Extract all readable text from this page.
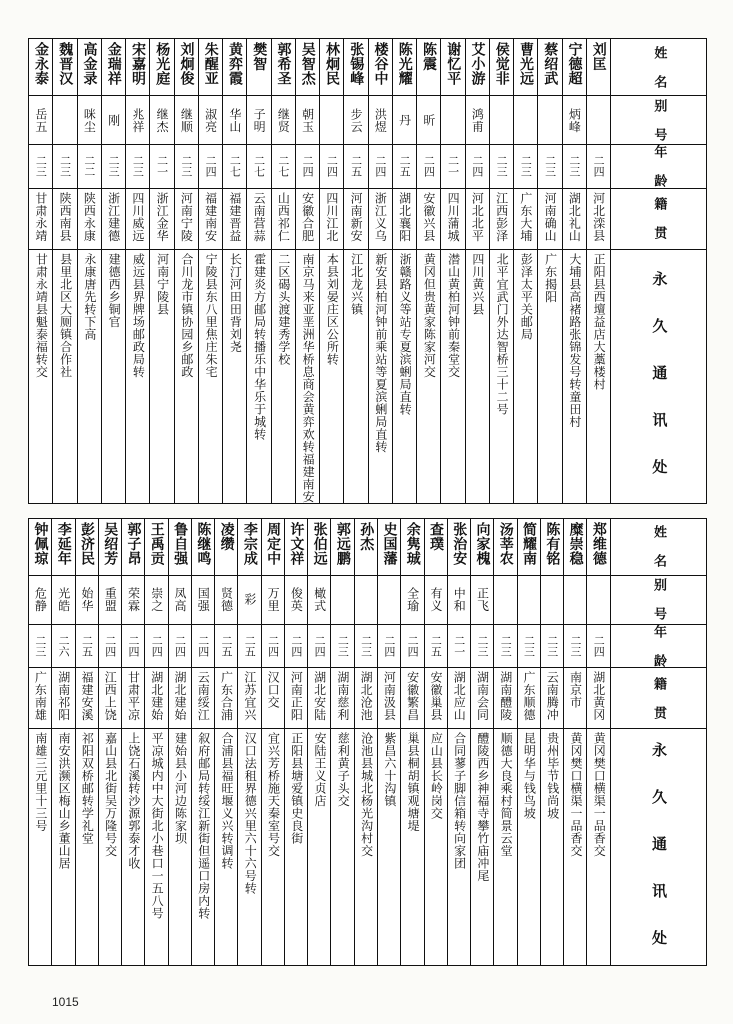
金永泰	魏晋汉	高金录	金瑞祥	宋嘉明	杨光庭	刘炯俊	朱醒亚	黄弈霞	樊智	郭希圣	吴智杰	林炯民	张锡峰	楼谷中	陈光耀	陈震	谢忆平	艾小游	侯觉非	曹光远	蔡绍武	宁德超	刘匡	姓 名

岳五		咪尘	刚	兆祥	继杰	继顺	淑亮	华山	子明	继贤	朝玉		步云	洪煜	丹	昕		鸿甫				炳峰		别 号

二三	二三	二二	二三	二三	二一	二三	二四	二七	二七	二七	二四	二四	二五	二四	二五	二四	二一	二四	二三	二三	二三	二三	二四	年 龄

甘肃永靖	陕西南县	陕西永康	浙江建德	四川威远	浙江金华	河南宁陵	福建南安	福建晋益	云南营蒜	山西祁仁	安徽合肥	四川江北	河南新安	浙江义乌	湖北襄阳	安徽兴县	四川蒲城	河北北平	江西彭泽	广东大埔	河南确山	湖北礼山	河北滦县	籍 贯

甘肃永靖县魁泰福转交	县里北区大厕镇合作社	永康唐先转下高	建德西乡铜官	威远县界牌场邮政局转	河南宁陵县	合川龙市镇协园乡邮政	宁陵县东八里焦庄朱宅	长汀河田田背刘尧	霍建炎方邮局转播乐中华乐于城转	二区碣头渡建秀学校	南京马来亚垩洲华桥息商会黄弈欢转福建南安	本县刘晏庄区公所转	江北龙兴镇	新安县柏河钟前乘站等夏滨蜊局直转	浙赣路义等站专夏滨蜊局直转	黄冈但贵黄家陈家河交	潜山黄柏河钟前秦堂交	四川黄兴县	北平宜武门外达智桥三十二号	彭泽太平关邮局	广东揭阳	大埔县高褚路张锦发号转童田村	正阳县西壇益店大藁楼村	永 久 通 讯 处
钟佩琼	李延年	彭济民	吴绍芳	郭子昂	王禹贡	鲁自强	陈继鸣	凌缵	李宗成	周定中	许文祥	张伯远	郭远鹏	孙杰	史国藩	余隽珹	查璞	张治安	向家槐	汤莘农	简耀南	陈有铭	糜崇稳	郑维德	姓 名

危静	光皓	始华	重盟	荣霖	崇之	凤高	国强	贤德	彩	万里	俊英	橄式				全瑜	有义	中和	正飞						别 号

二三	二六	二五	二四	二四	二四	二四	二四	二五	二五	二四	二四	二四	二三	二三	二四	二四	二五	二一	二三	二三	二三	二三	二三	二四	年 龄

广东南雄	湖南祁阳	福建安溪	江西上饶	甘肃平凉	湖北建始	湖北建始	云南绥江	广东合浦	江苏宜兴	汉口交	河南正阳	湖北安陆	湖南慈利	湖北沧池	河南汲县	安徽繁昌	安徽巢县	湖北应山	湖南会同	湖南醴陵	广东顺德	云南腾冲	南京市	湖北黄冈	籍 贯

南雄三元里十三号	南安洪濒区梅山乡董山居	祁阳双桥邮转学礼堂	嘉山县北街吴万隆号交	上饶石溪转沙源郭泰才收	平凉城内中大街北小巷口一五八号	建始县小河边陈家坝	叙府邮局转绥江新街但遥口房内转	合浦县福旺堰义兴转调转	汉口法租界德兴里六十六号转	宜兴芳桥施天秦室号交	正阳县塘爱镇史良街	安陆王义贞店	慈利黄子头交	沧池县城北杨光沟村交	紫昌六十沟镇	巢县桐胡镇观塘堤	应山县长岭岗交	合同蓼子脚信箱转向家团	醴陵西乡神福寺攀竹庙冲尾	顺德大良乘村简景云堂	昆明华与钱鸟坡	贵州毕节钱尚坡	黄冈樊口横渠一品香交	黄冈樊口横渠一品香交	永 久 通 讯 处
1015
